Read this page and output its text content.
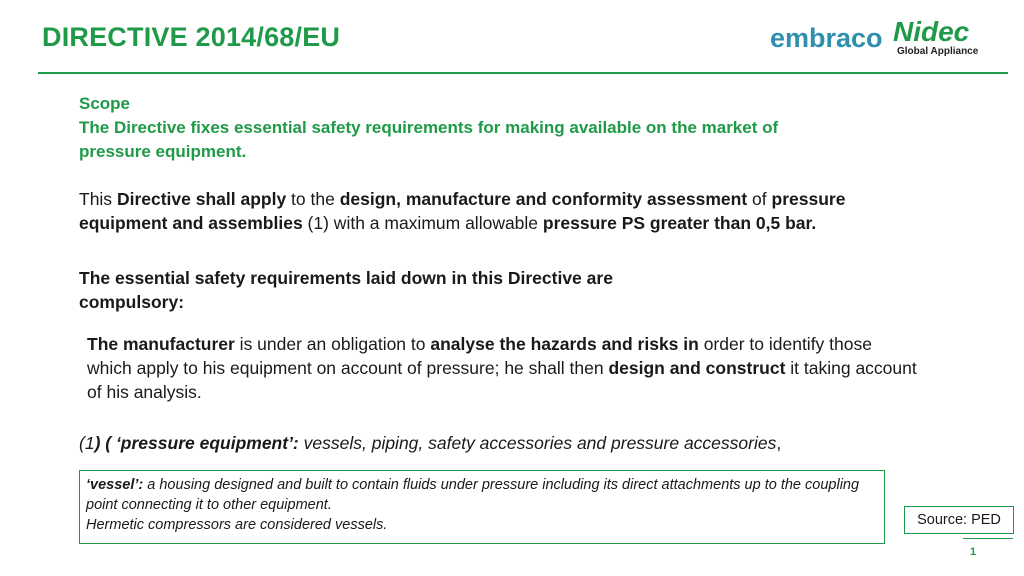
DIRECTIVE 2014/68/EU	embraco Nidec
Global Appliance
Scope
The Directive fixes essential safety requirements for making available on the market of pressure equipment.
This Directive shall apply to the design, manufacture and conformity assessment of pressure equipment and assemblies (1) with a maximum allowable pressure PS greater than 0,5 bar.
The essential safety requirements laid down in this Directive are compulsory:
The manufacturer is under an obligation to analyse the hazards and risks in order to identify those which apply to his equipment on account of pressure; he shall then design and construct it taking account of his analysis.
(1) ( ‘pressure equipment’: vessels, piping, safety accessories and pressure accessories,
‘vessel’: a housing designed and built to contain fluids under pressure including its direct attachments up to the coupling point connecting it to other equipment.
Hermetic compressors are considered vessels.	Source: PED
1
